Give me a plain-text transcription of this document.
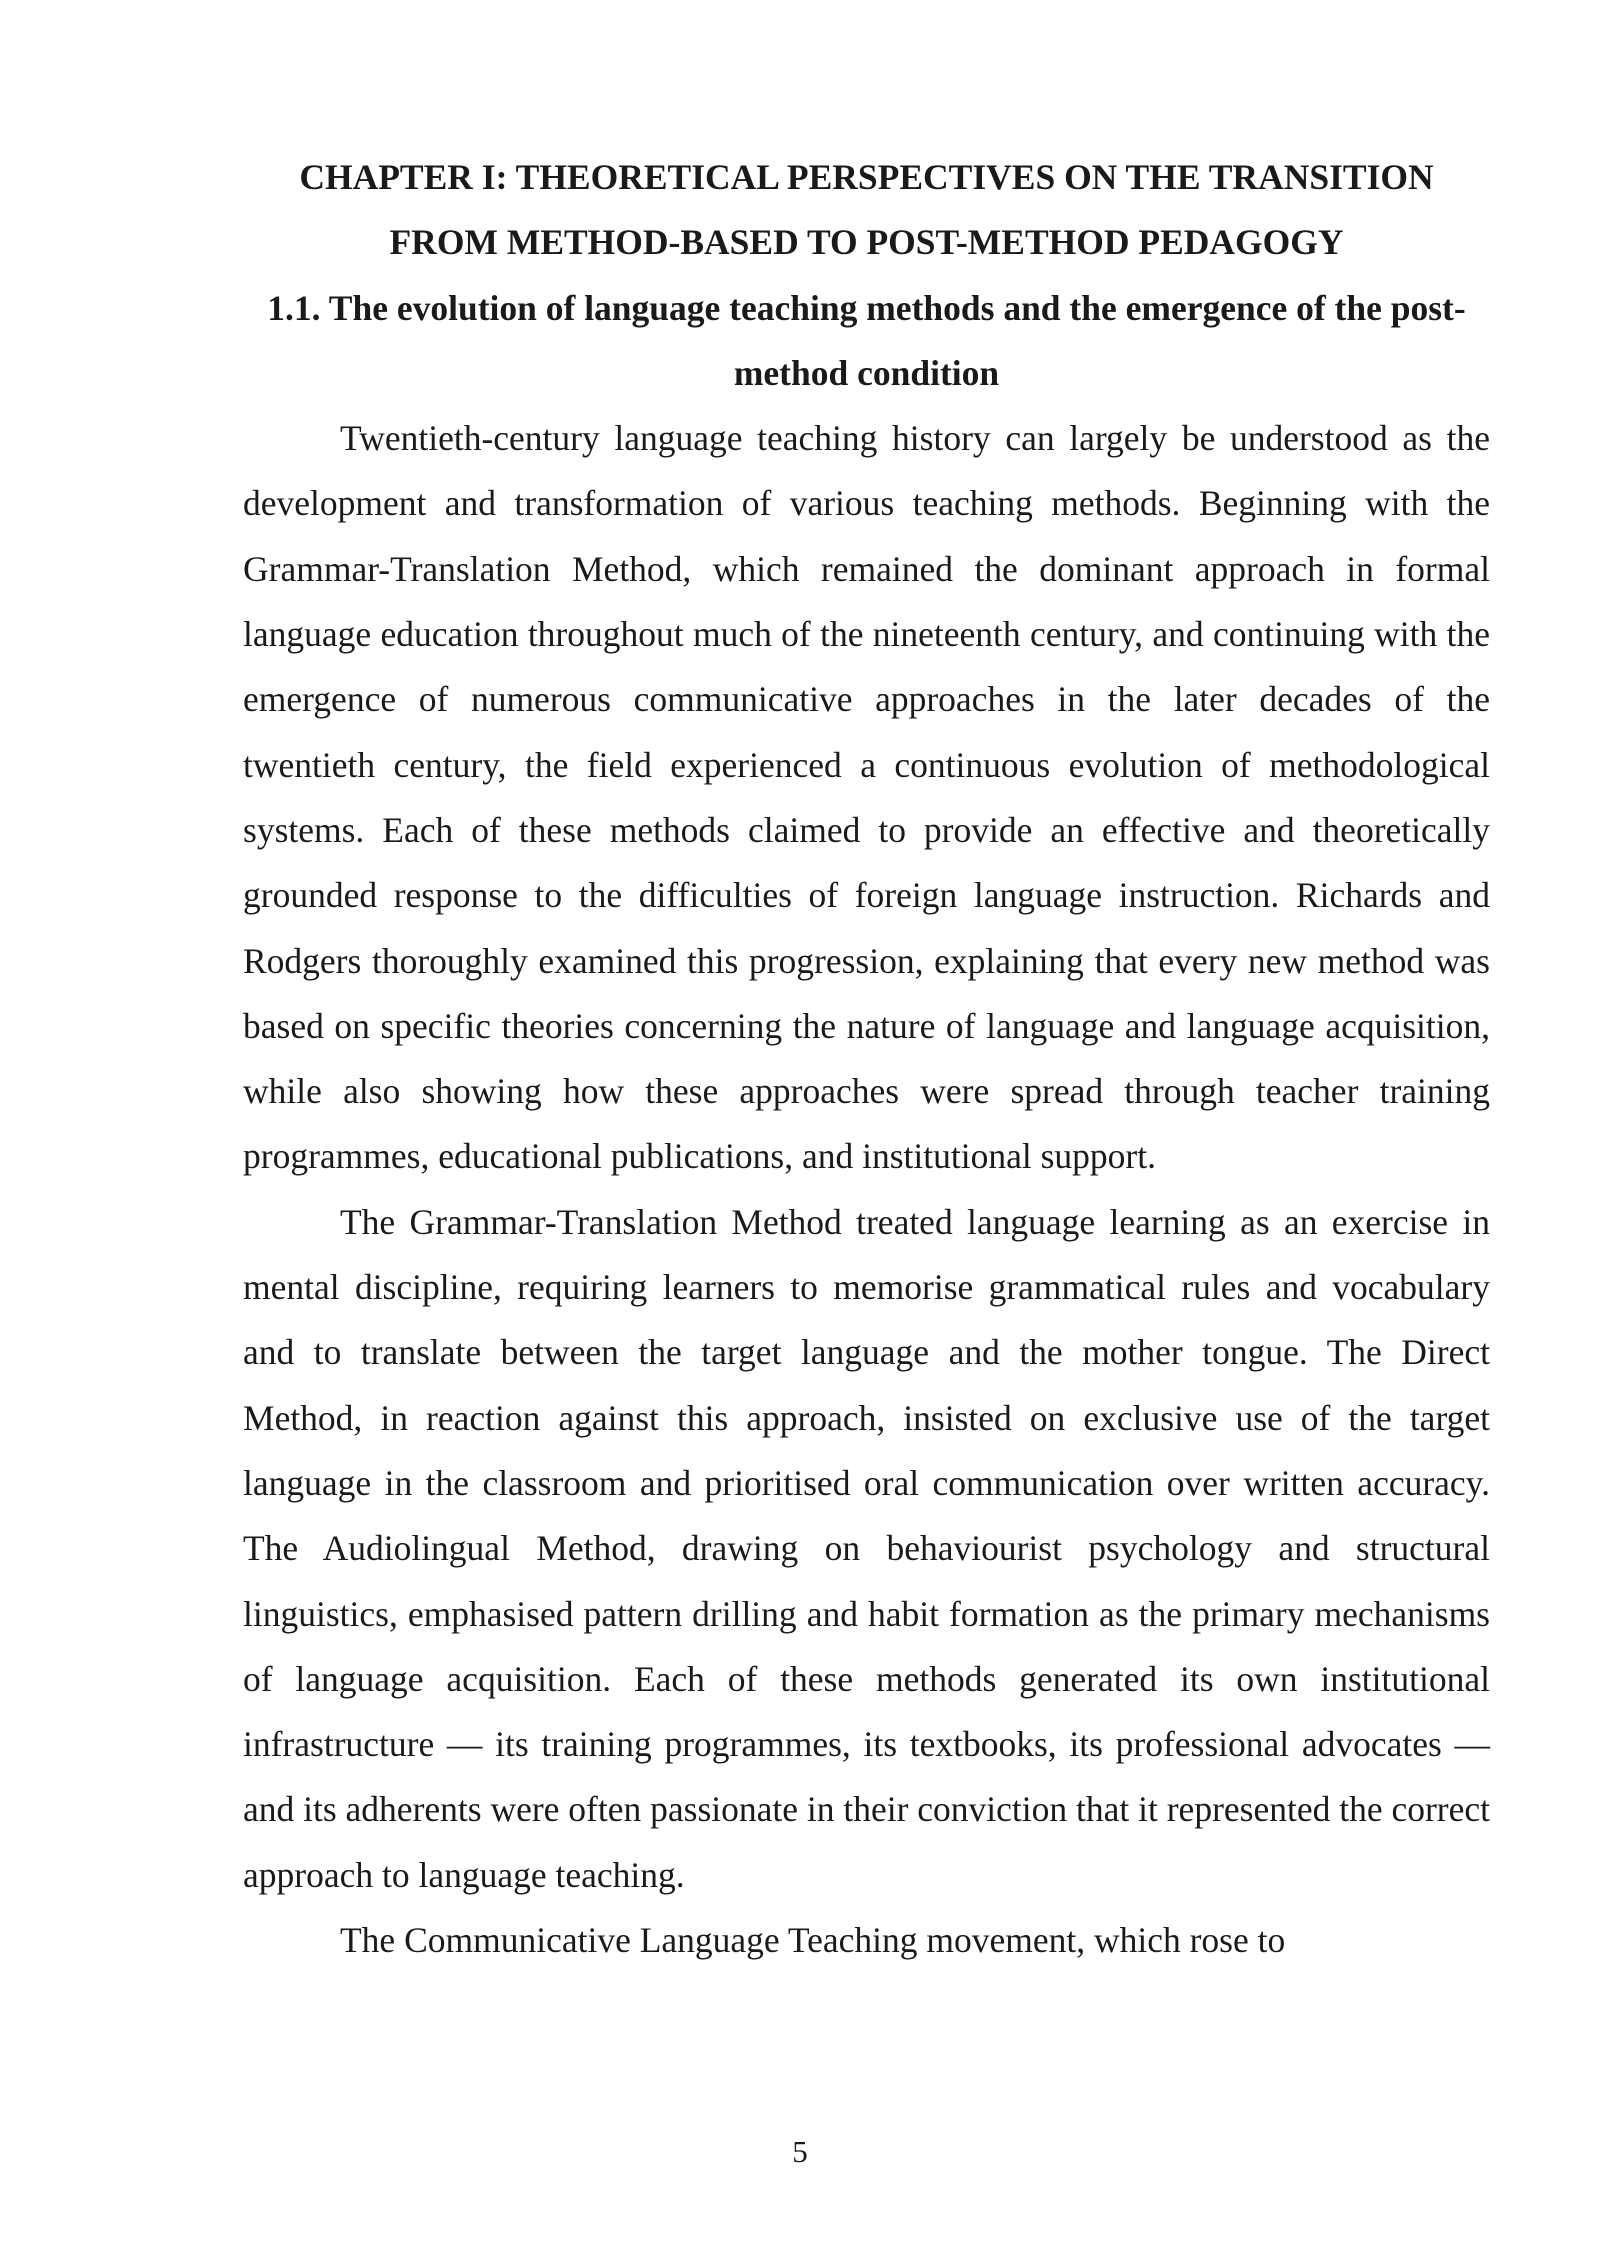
CHAPTER I: THEORETICAL PERSPECTIVES ON THE TRANSITION FROM METHOD-BASED TO POST-METHOD PEDAGOGY
1.1. The evolution of language teaching methods and the emergence of the post-method condition

Twentieth-century language teaching history can largely be understood as the development and transformation of various teaching methods. Beginning with the Grammar-Translation Method, which remained the dominant approach in formal language education throughout much of the nineteenth century, and continuing with the emergence of numerous communicative approaches in the later decades of the twentieth century, the field experienced a continuous evolution of methodological systems. Each of these methods claimed to provide an effective and theoretically grounded response to the difficulties of foreign language instruction. Richards and Rodgers thoroughly examined this progression, explaining that every new method was based on specific theories concerning the nature of language and language acquisition, while also showing how these approaches were spread through teacher training programmes, educational publications, and institutional support.

The Grammar-Translation Method treated language learning as an exercise in mental discipline, requiring learners to memorise grammatical rules and vocabulary and to translate between the target language and the mother tongue. The Direct Method, in reaction against this approach, insisted on exclusive use of the target language in the classroom and prioritised oral communication over written accuracy. The Audiolingual Method, drawing on behaviourist psychology and structural linguistics, emphasised pattern drilling and habit formation as the primary mechanisms of language acquisition. Each of these methods generated its own institutional infrastructure — its training programmes, its textbooks, its professional advocates — and its adherents were often passionate in their conviction that it represented the correct approach to language teaching.

The Communicative Language Teaching movement, which rose to

5
